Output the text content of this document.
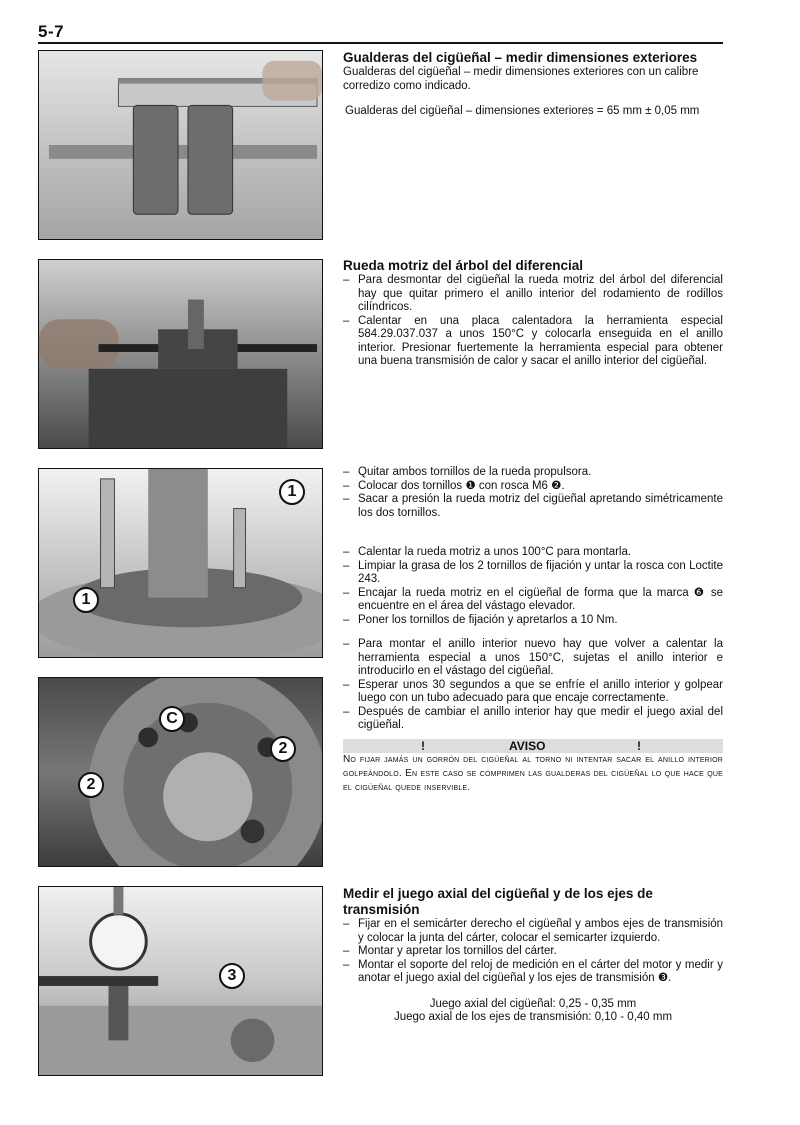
5-7
1
1
C
2
2
3
Gualderas del cigüeñal – medir dimensiones exteriores

Gualderas del cigüeñal – medir dimensiones exteriores con un calibre corredizo como indicado.

Gualderas del cigüeñal – dimensiones exteriores = 65 mm ± 0,05 mm

Rueda motriz del árbol del diferencial
– Para desmontar del cigüeñal la rueda motriz del árbol del diferencial hay que quitar primero el anillo interior del rodamiento de rodillos cilíndricos.
– Calentar en una placa calentadora la herramienta especial 584.29.037.037 a unos 150°C y colocarla enseguida en el anillo interior. Presionar fuertemente la herramienta especial para obtener una buena transmisión de calor y sacar el anillo interior del cigüeñal.
– Quitar ambos tornillos de la rueda propulsora.
– Colocar dos tornillos ❶ con rosca M6 ❷.
– Sacar a presión la rueda motriz del cigüeñal apretando simétricamente los dos tornillos.
– Calentar la rueda motriz a unos 100°C para montarla.
– Limpiar la grasa de los 2 tornillos de fijación y untar la rosca con Loctite 243.
– Encajar la rueda motriz en el cigüeñal de forma que la marca ❻ se encuentre en el área del vástago elevador.
– Poner los tornillos de fijación y apretarlos a 10 Nm.
– Para montar el anillo interior nuevo hay que volver a calentar la herramienta especial a unos 150°C, sujetas el anillo interior e introducirlo en el vástago del cigüeñal.
– Esperar unos 30 segundos a que se enfríe el anillo interior y golpear luego con un tubo adecuado para que encaje correctamente.
– Después de cambiar el anillo interior hay que medir el juego axial del cigüeñal.
!	AVISO	!

No fijar jamás un gorrón del cigüeñal al torno ni intentar sacar el anillo interior golpeándolo. En este caso se comprimen las gualderas del cigüeñal lo que hace que el cigüeñal quede inservible.

Medir el juego axial del cigüeñal y de los ejes de transmisión
– Fijar en el semicárter derecho el cigüeñal y ambos ejes de transmisión y colocar la junta del cárter, colocar el semicarter izquierdo.
– Montar y apretar los tornillos del cárter.
– Montar el soporte del reloj de medición en el cárter del motor y medir y anotar el juego axial del cigüeñal y los ejes de transmisión ❸.

Juego axial del cigüeñal: 0,25 - 0,35 mm

Juego axial de los ejes de transmisión: 0,10 - 0,40 mm
